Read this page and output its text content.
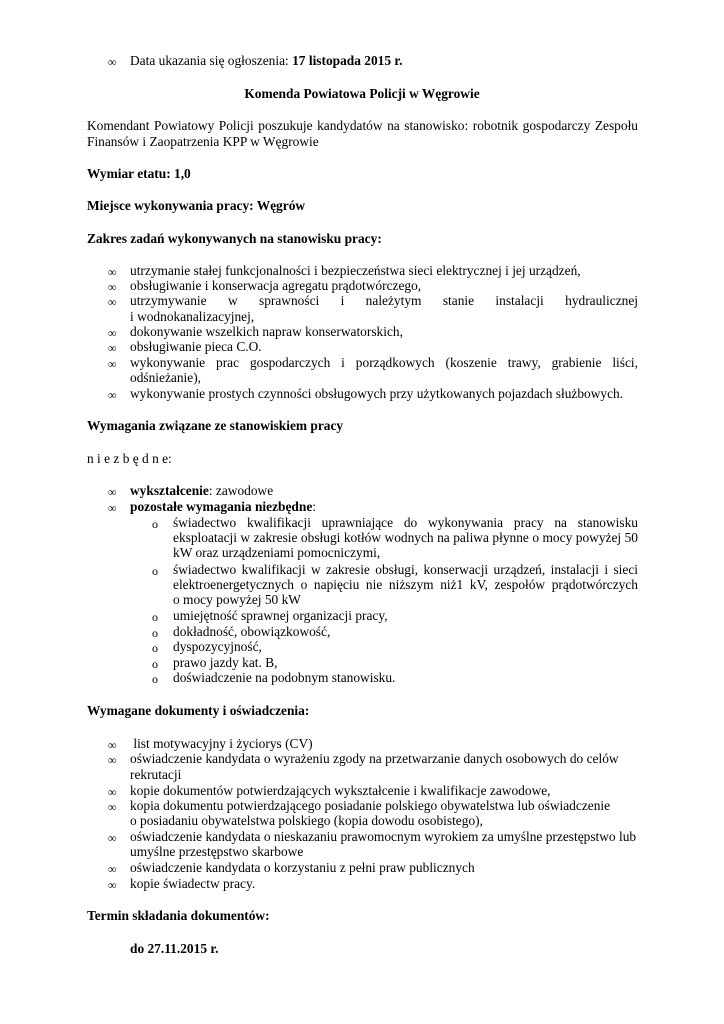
∞ Data ukazania się ogłoszenia: 17 listopada 2015 r.
Komenda Powiatowa Policji w Węgrowie
Komendant Powiatowy Policji poszukuje kandydatów na stanowisko: robotnik gospodarczy Zespołu
Finansów i Zaopatrzenia KPP w Węgrowie
Wymiar etatu: 1,0
Miejsce wykonywania pracy: Węgrów
Zakres zadań wykonywanych na stanowisku pracy:
∞ utrzymanie stałej funkcjonalności i bezpieczeństwa sieci elektrycznej i jej urządzeń,
∞ obsługiwanie i konserwacja agregatu prądotwórczego,
∞ utrzymywanie w sprawności i należytym stanie instalacji hydraulicznej
i wodnokanalizacyjnej,
∞ dokonywanie wszelkich napraw konserwatorskich,
∞ obsługiwanie pieca C.O.
∞ wykonywanie prac gospodarczych i porządkowych (koszenie trawy, grabienie liści,
odśnieżanie),
∞ wykonywanie prostych czynności obsługowych przy użytkowanych pojazdach służbowych.
Wymagania związane ze stanowiskiem pracy
n i e z b ę d n e:
∞ wykształcenie: zawodowe
∞ pozostałe wymagania niezbędne:
o świadectwo kwalifikacji uprawniające do wykonywania pracy na stanowisku
eksploatacji w zakresie obsługi kotłów wodnych na paliwa płynne o mocy powyżej 50
kW oraz urządzeniami pomocniczymi,
o świadectwo kwalifikacji w zakresie obsługi, konserwacji urządzeń, instalacji i sieci
elektroenergetycznych o napięciu nie niższym niż1 kV, zespołów prądotwórczych
o mocy powyżej 50 kW
o umiejętność sprawnej organizacji pracy,
o dokładność, obowiązkowość,
o dyspozycyjność,
o prawo jazdy kat. B,
o doświadczenie na podobnym stanowisku.
Wymagane dokumenty i oświadczenia:
∞ list motywacyjny i życiorys (CV)
∞ oświadczenie kandydata o wyrażeniu zgody na przetwarzanie danych osobowych do celów
rekrutacji
∞ kopie dokumentów potwierdzających wykształcenie i kwalifikacje zawodowe,
∞ kopia dokumentu potwierdzającego posiadanie polskiego obywatelstwa lub oświadczenie
o posiadaniu obywatelstwa polskiego (kopia dowodu osobistego),
∞ oświadczenie kandydata o nieskazaniu prawomocnym wyrokiem za umyślne przestępstwo lub
umyślne przestępstwo skarbowe
∞ oświadczenie kandydata o korzystaniu z pełni praw publicznych
∞ kopie świadectw pracy.
Termin składania dokumentów:
do 27.11.2015 r.
